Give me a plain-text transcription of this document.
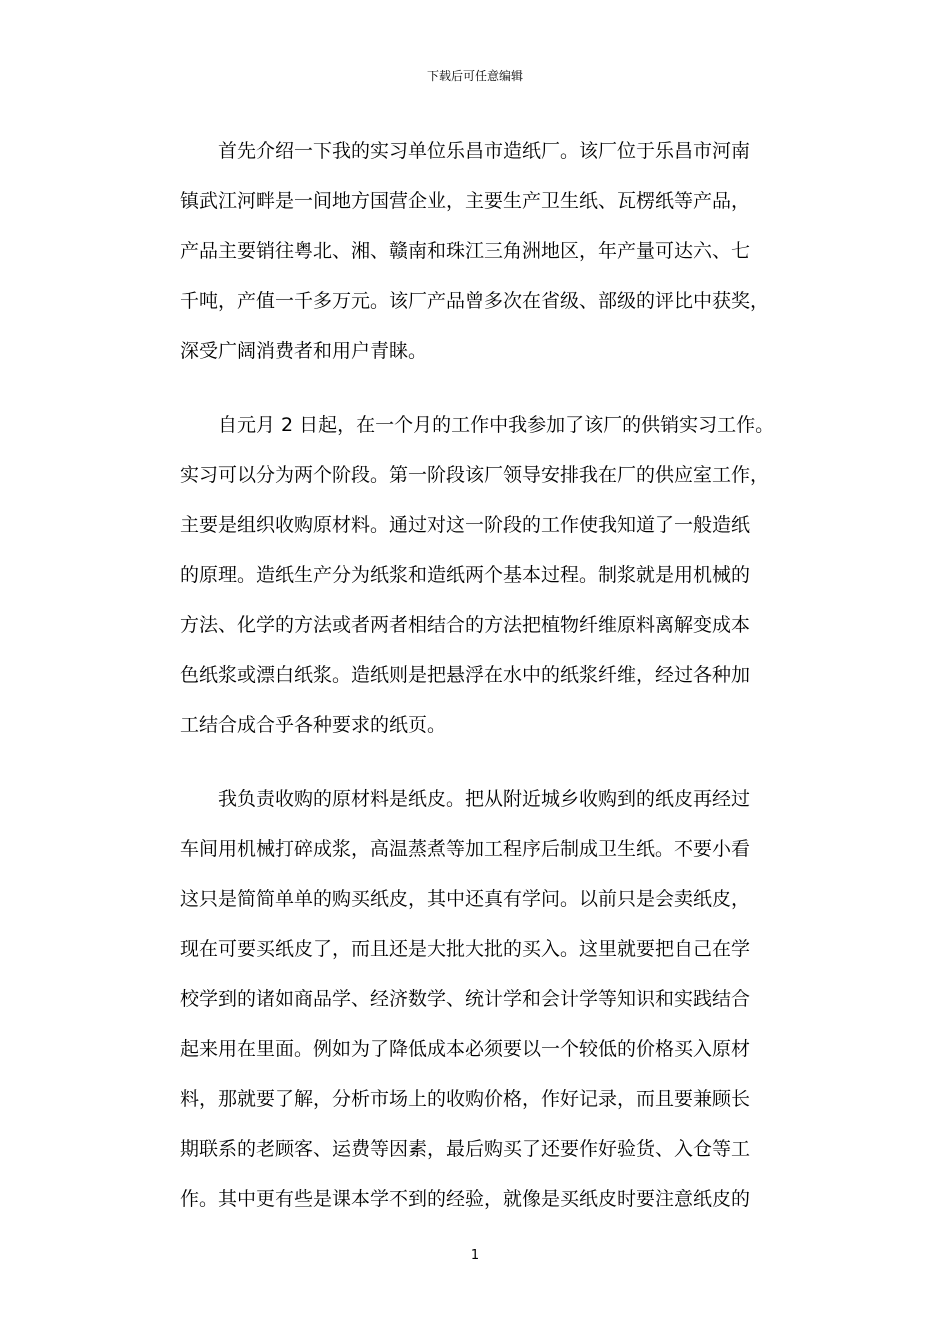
下载后可任意编辑
首先介绍一下我的实习单位乐昌市造纸厂。该厂位于乐昌市河南
镇武江河畔是一间地方国营企业，主要生产卫生纸、瓦楞纸等产品，
产品主要销往粤北、湘、赣南和珠江三角洲地区，年产量可达六、七
千吨，产值一千多万元。该厂产品曾多次在省级、部级的评比中获奖，
深受广阔消费者和用户青睐。
自元月 2 日起，在一个月的工作中我参加了该厂的供销实习工作。
实习可以分为两个阶段。第一阶段该厂领导安排我在厂的供应室工作，
主要是组织收购原材料。通过对这一阶段的工作使我知道了一般造纸
的原理。造纸生产分为纸浆和造纸两个基本过程。制浆就是用机械的
方法、化学的方法或者两者相结合的方法把植物纤维原料离解变成本
色纸浆或漂白纸浆。造纸则是把悬浮在水中的纸浆纤维，经过各种加
工结合成合乎各种要求的纸页。
我负责收购的原材料是纸皮。把从附近城乡收购到的纸皮再经过
车间用机械打碎成浆，高温蒸煮等加工程序后制成卫生纸。不要小看
这只是简简单单的购买纸皮，其中还真有学问。以前只是会卖纸皮，
现在可要买纸皮了，而且还是大批大批的买入。这里就要把自己在学
校学到的诸如商品学、经济数学、统计学和会计学等知识和实践结合
起来用在里面。例如为了降低成本必须要以一个较低的价格买入原材
料，那就要了解，分析市场上的收购价格，作好记录，而且要兼顾长
期联系的老顾客、运费等因素，最后购买了还要作好验货、入仓等工
作。其中更有些是课本学不到的经验，就像是买纸皮时要注意纸皮的
1
